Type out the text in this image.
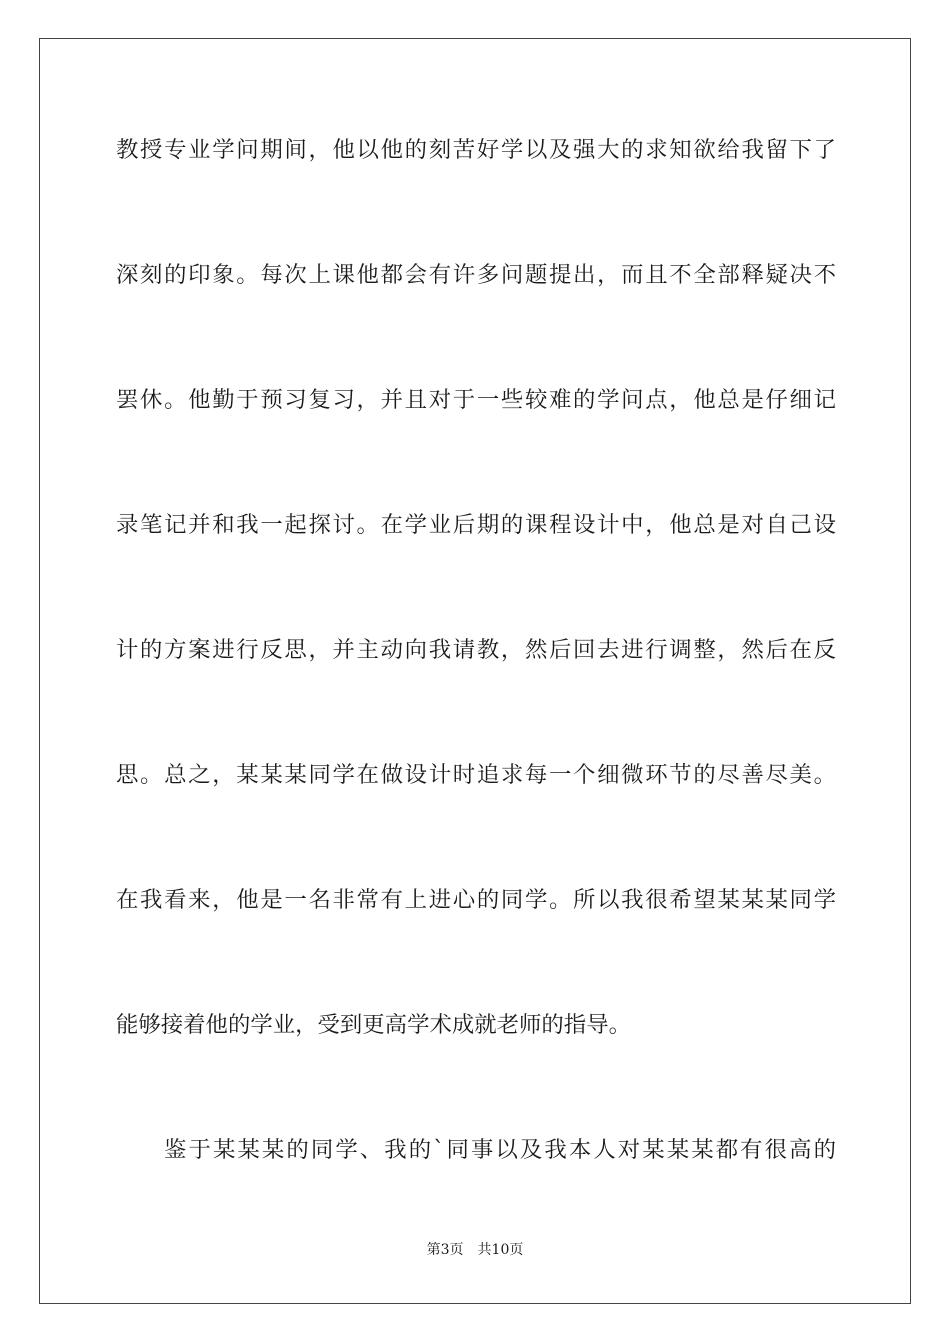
教授专业学问期间，他以他的刻苦好学以及强大的求知欲给我留下了
深刻的印象。每次上课他都会有许多问题提出，而且不全部释疑决不
罢休。他勤于预习复习，并且对于一些较难的学问点，他总是仔细记
录笔记并和我一起探讨。在学业后期的课程设计中，他总是对自己设
计的方案进行反思，并主动向我请教，然后回去进行调整，然后在反
思。总之，某某某同学在做设计时追求每一个细微环节的尽善尽美。
在我看来，他是一名非常有上进心的同学。所以我很希望某某某同学
能够接着他的学业，受到更高学术成就老师的指导。
鉴于某某某的同学、我的`同事以及我本人对某某某都有很高的
第3页 共10页
